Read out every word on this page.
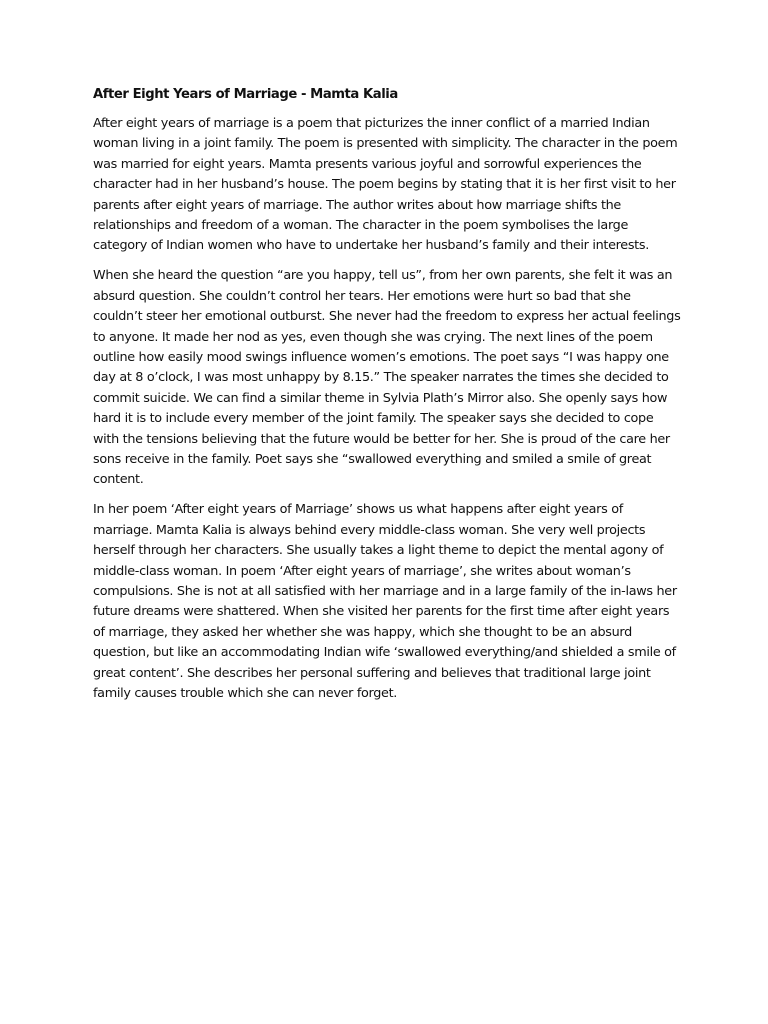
After Eight Years of Marriage - Mamta Kalia

After eight years of marriage is a poem that picturizes the inner conflict of a married Indian woman living in a joint family. The poem is presented with simplicity. The character in the poem was married for eight years. Mamta presents various joyful and sorrowful experiences the character had in her husband’s house. The poem begins by stating that it is her first visit to her parents after eight years of marriage. The author writes about how marriage shifts the relationships and freedom of a woman. The character in the poem symbolises the large category of Indian women who have to undertake her husband’s family and their interests.

When she heard the question “are you happy, tell us”, from her own parents, she felt it was an absurd question. She couldn’t control her tears. Her emotions were hurt so bad that she couldn’t steer her emotional outburst. She never had the freedom to express her actual feelings to anyone. It made her nod as yes, even though she was crying. The next lines of the poem outline how easily mood swings influence women’s emotions. The poet says “I was happy one day at 8 o’clock, I was most unhappy by 8.15.” The speaker narrates the times she decided to commit suicide. We can find a similar theme in Sylvia Plath’s Mirror also. She openly says how hard it is to include every member of the joint family. The speaker says she decided to cope with the tensions believing that the future would be better for her. She is proud of the care her sons receive in the family. Poet says she “swallowed everything and smiled a smile of great content.

In her poem ‘After eight years of Marriage’ shows us what happens after eight years of marriage. Mamta Kalia is always behind every middle-class woman. She very well projects herself through her characters. She usually takes a light theme to depict the mental agony of middle-class woman. In poem ‘After eight years of marriage’, she writes about woman’s compulsions. She is not at all satisfied with her marriage and in a large family of the in-laws her future dreams were shattered. When she visited her parents for the first time after eight years of marriage, they asked her whether she was happy, which she thought to be an absurd question, but like an accommodating Indian wife ‘swallowed everything/and shielded a smile of great content’. She describes her personal suffering and believes that traditional large joint family causes trouble which she can never forget.
